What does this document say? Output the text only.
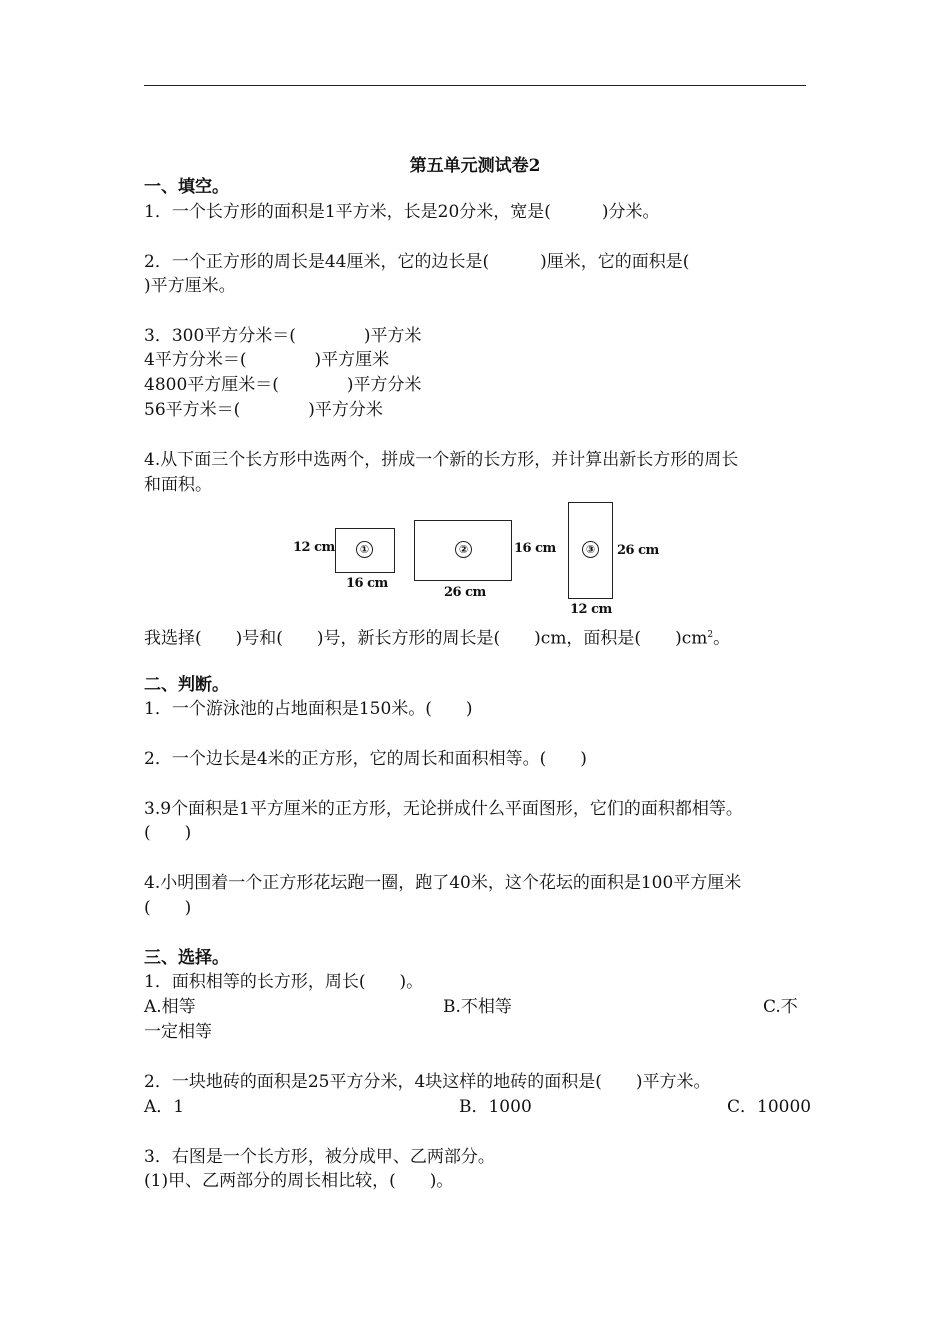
第五单元测试卷2
一、填空。
1．一个长方形的面积是1平方米，长是20分米，宽是(　　　)分米。
2．一个正方形的周长是44厘米，它的边长是(　　　)厘米，它的面积是(
)平方厘米。
3．300平方分米＝(　　　　)平方米
4平方分米＝(　　　　)平方厘米
4800平方厘米＝(　　　　)平方分米
56平方米＝(　　　　)平方分米
4.从下面三个长方形中选两个，拼成一个新的长方形，并计算出新长方形的周长
和面积。
12 cm	①
16 cm
②	16 cm
26 cm
③ 26 cm
12 cm
我选择(　　)号和(　　)号，新长方形的周长是(　　)cm，面积是(　　)$cm^2$。
二、判断。
1．一个游泳池的占地面积是150米。(　　)
2．一个边长是4米的正方形，它的周长和面积相等。(　　)
3.9个面积是1平方厘米的正方形，无论拼成什么平面图形，它们的面积都相等。
(　　)
4.小明围着一个正方形花坛跑一圈，跑了40米，这个花坛的面积是100平方厘米
(　　)
三、选择。
1．面积相等的长方形，周长(　　)。
A.相等	B.不相等	C.不
一定相等
2．一块地砖的面积是25平方分米，4块这样的地砖的面积是(　　)平方米。
A．1	B．1000	C．10000
3．右图是一个长方形，被分成甲、乙两部分。
(1)甲、乙两部分的周长相比较，(　　)。
